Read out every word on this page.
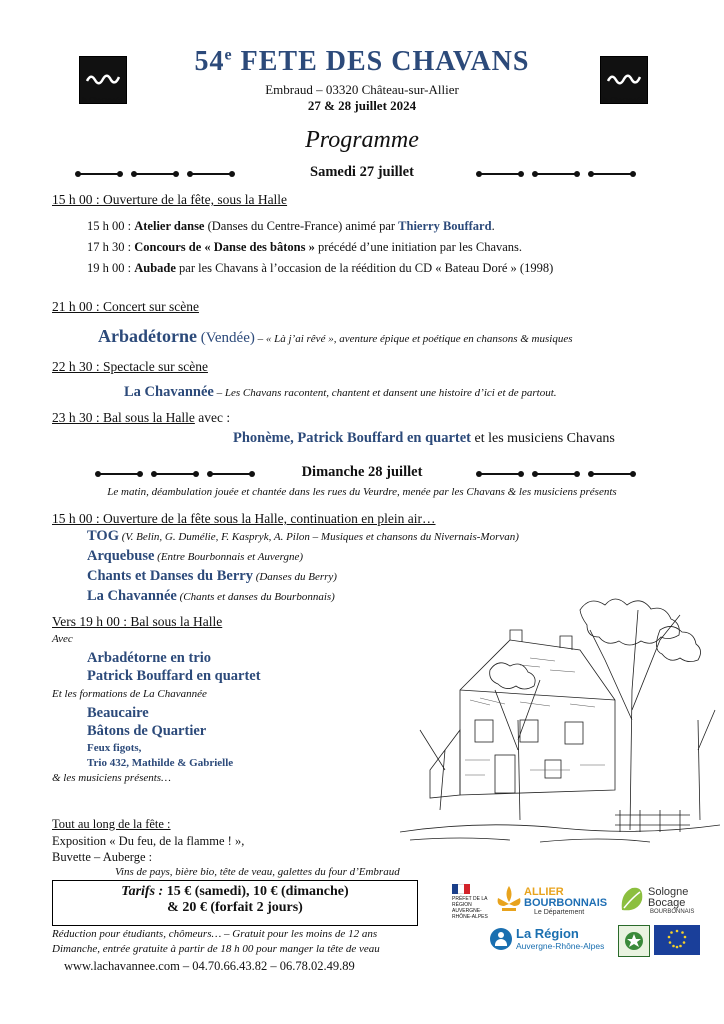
la Chavannée	la Chavannée
54e FETE DES CHAVANS
Embraud – 03320 Château-sur-Allier
27 & 28 juillet 2024
Programme
Samedi 27 juillet
15 h 00 : Ouverture de la fête, sous la Halle
15 h 00 : Atelier danse (Danses du Centre-France) animé par Thierry Bouffard.
17 h 30 : Concours de « Danse des bâtons » précédé d’une initiation par les Chavans.
19 h 00 : Aubade par les Chavans à l’occasion de la réédition du CD « Bateau Doré » (1998)
21 h 00 : Concert sur scène
Arbadétorne (Vendée) – « Là j’ai rêvé », aventure épique et poétique en chansons & musiques
22 h 30 : Spectacle sur scène
La Chavannée – Les Chavans racontent, chantent et dansent une histoire d’ici et de partout.
23 h 30 : Bal sous la Halle avec :
Phonème, Patrick Bouffard en quartet et les musiciens Chavans
Dimanche 28 juillet
Le matin, déambulation jouée et chantée dans les rues du Veurdre, menée par les Chavans & les musiciens présents
15 h 00 : Ouverture de la fête sous la Halle, continuation en plein air…
TOG (V. Belin, G. Dumélie, F. Kaspryk, A. Pilon – Musiques et chansons du Nivernais-Morvan)
Arquebuse (Entre Bourbonnais et Auvergne)
Chants et Danses du Berry (Danses du Berry)
La Chavannée (Chants et danses du Bourbonnais)
Vers 19 h 00 : Bal sous la Halle
Avec
Arbadétorne en trio
Patrick Bouffard en quartet
Et les formations de La Chavannée
Beaucaire
Bâtons de Quartier
Feux figots,
Trio 432, Mathilde & Gabrielle
& les musiciens présents…
Tout au long de la fête :
Exposition « Du feu, de la flamme ! »,
Buvette – Auberge :
Vins de pays, bière bio, tête de veau, galettes du four d’Embraud
Tarifs : 15 € (samedi), 10 € (dimanche)
& 20 € (forfait 2 jours)
Réduction pour étudiants, chômeurs… – Gratuit pour les moins de 12 ans
Dimanche, entrée gratuite à partir de 18 h 00 pour manger la tête de veau
www.lachavannee.com – 04.70.66.43.82 – 06.78.02.49.89
PRÉFET DE LA RÉGION AUVERGNE-RHÔNE-ALPES
ALLIER
BOURBONNAIS
Le Département
Sologne
Bocage
BOURBONNAIS
La Région
Auvergne-Rhône-Alpes
